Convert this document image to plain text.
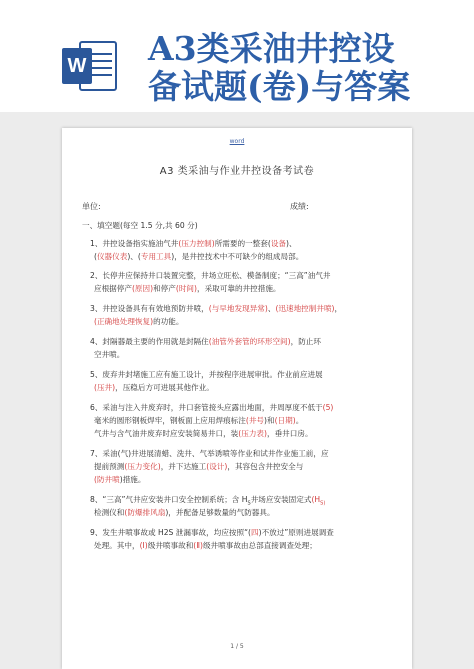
W A3类采油井控设
备试题(卷)与答案
word
A3 类采油与作业井控设备考试卷
单位:	成绩:
一、填空题(每空 1.5 分,共 60 分)
1、井控设备指实施油气井(压力控制)所需要的一整套(设备)、
(仪器仪表)、(专用工具)，是井控技术中不可缺少的组成局部。
2、长停井应保持井口装置完整，井场立旺松、模备制度；“三高”油气井
应根据停产(原因)和停产(时间)，采取可靠的井控措施。
3、井控设备具有有效地预防井喷，(与早地发现异常)、(迅速地控制井喷)，
(正确地处理恢复)的功能。
4、封隔器最主要的作用就是封隔住(油管外套管的环形空间)，防止环
空井喷。
5、废弃井封堵施工应有施工设计，并按程序进展审批。作业前应进展
(压井)，压稳后方可进展其他作业。
6、采油与注入井废弃时，井口套管接头应露出地面，井周厚度不低于(5)
毫米的圆形钢板焊牢，钢板面上应用焊痕标注(井号)和(日期)。
气井与含气油井废弃时应安装简易井口，装(压力表)，垂井口房。
7、采油(气)井进展清蜡、洗井、气举诱喷等作业和试井作业施工前，应
提前预测(压力变化)，并下达施工(设计)，其容包含井控安全与
(防井喷)措施。
8、“三高”气井应安装井口安全控制系统；含 $H_S$井场应安装固定式($H_{S)}$
检测仪和(防爆排风扇)，并配备足够数量的气防器具。
9、发生井喷事故或 H2S 泄漏事故，均应按照“(四)不放过”原则进展调查
处理。其中，(Ⅰ)级井喷事故和(Ⅱ)级井喷事故由总部直接调查处理；
1 / 5
